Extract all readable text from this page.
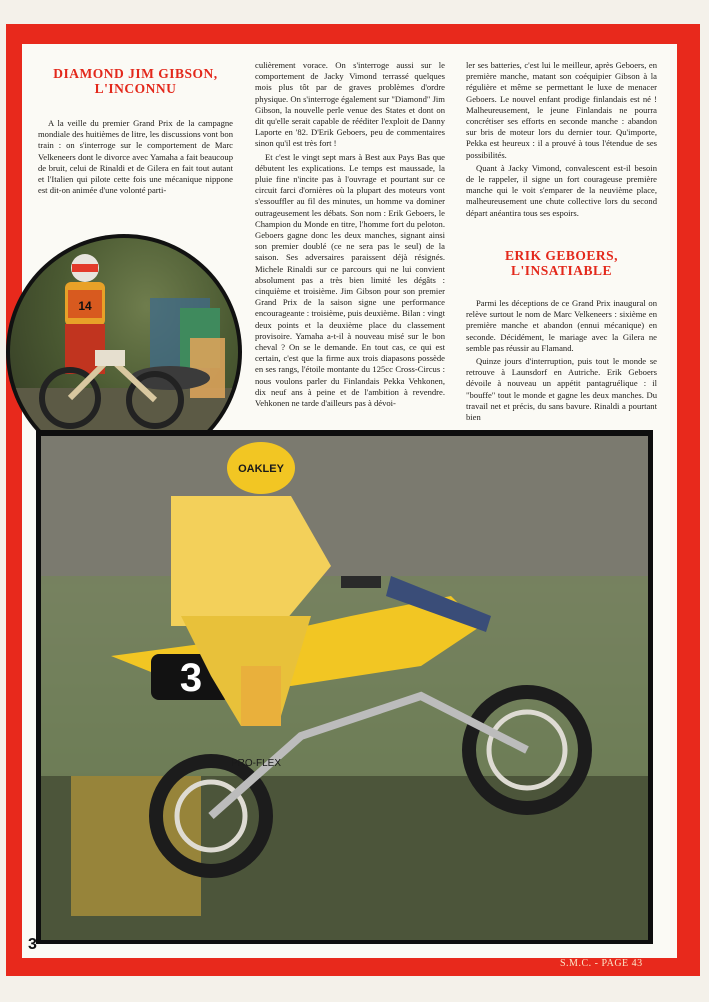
DIAMOND JIM GIBSON,
L'INCONNU

A la veille du premier Grand Prix de la campagne mondiale des huitièmes de litre, les discussions vont bon train : on s'interroge sur le comportement de Marc Velkeneers dont le divorce avec Yamaha a fait beaucoup de bruit, celui de Rinaldi et de Gilera en fait tout autant et l'Italien qui pilote cette fois une mécanique nippone est dit-on animée d'une volonté parti-

culièrement vorace. On s'interroge aussi sur le comportement de Jacky Vimond terrassé quelques mois plus tôt par de graves problèmes d'ordre physique. On s'interroge également sur "Diamond" Jim Gibson, la nouvelle perle venue des States et dont on dit qu'elle serait capable de rééditer l'exploit de Danny Laporte en '82. D'Erik Geboers, peu de commentaires sinon qu'il est très fort !

Et c'est le vingt sept mars à Best aux Pays Bas que débutent les explications. Le temps est maussade, la pluie fine n'incite pas à l'ouvrage et pourtant sur ce circuit farci d'ornières où la plupart des moteurs vont s'essouffler au fil des minutes, un homme va dominer outrageusement les débats. Son nom : Erik Geboers, le Champion du Monde en titre, l'homme fort du peloton. Geboers gagne donc les deux manches, signant ainsi son premier doublé (ce ne sera pas le seul) de la saison. Ses adversaires paraissent déjà résignés. Michele Rinaldi sur ce parcours qui ne lui convient absolument pas a très bien limité les dégâts : cinquième et troisième. Jim Gibson pour son premier Grand Prix de la saison signe une performance encourageante : troisième, puis deuxième. Bilan : vingt deux points et la deuxième place du classement provisoire. Yamaha a-t-il à nouveau misé sur le bon cheval ? On se le demande. En tout cas, ce qui est certain, c'est que la firme aux trois diapasons possède en ses rangs, l'étoile montante du 125cc Cross-Circus : nous voulons parler du Finlandais Pekka Vehkonen, dix neuf ans à peine et de l'ambition à revendre. Vehkonen ne tarde d'ailleurs pas à dévoi-

ler ses batteries, c'est lui le meilleur, après Geboers, en première manche, matant son coéquipier Gibson à la régulière et même se permettant le luxe de menacer Geboers. Le nouvel enfant prodige finlandais est né ! Malheureusement, le jeune Finlandais ne pourra concrétiser ses efforts en seconde manche : abandon sur bris de moteur lors du dernier tour. Qu'importe, Pekka est heureux : il a prouvé à tous l'étendue de ses possibilités.

Quant à Jacky Vimond, convalescent est-il besoin de le rappeler, il signe un fort courageuse première manche qui le voit s'emparer de la neuvième place, malheureusement une chute collective lors du second départ anéantira tous ses espoirs.

ERIK GEBOERS,
L'INSATIABLE

Parmi les déceptions de ce Grand Prix inaugural on relève surtout le nom de Marc Velkeneers : sixième en première manche et abandon (ennui mécanique) en seconde. Décidément, le mariage avec la Gilera ne semble pas réussir au Flamand.

Quinze jours d'interruption, puis tout le monde se retrouve à Launsdorf en Autriche. Erik Geboers dévoile à nouveau un appétit pantagruélique : il "bouffe" tout le monde et gagne les deux manches. Du travail net et précis, du sans bavure. Rinaldi a pourtant bien

14
3
OAKLEY
PRO-FLEX
3
S.M.C. - PAGE 43
